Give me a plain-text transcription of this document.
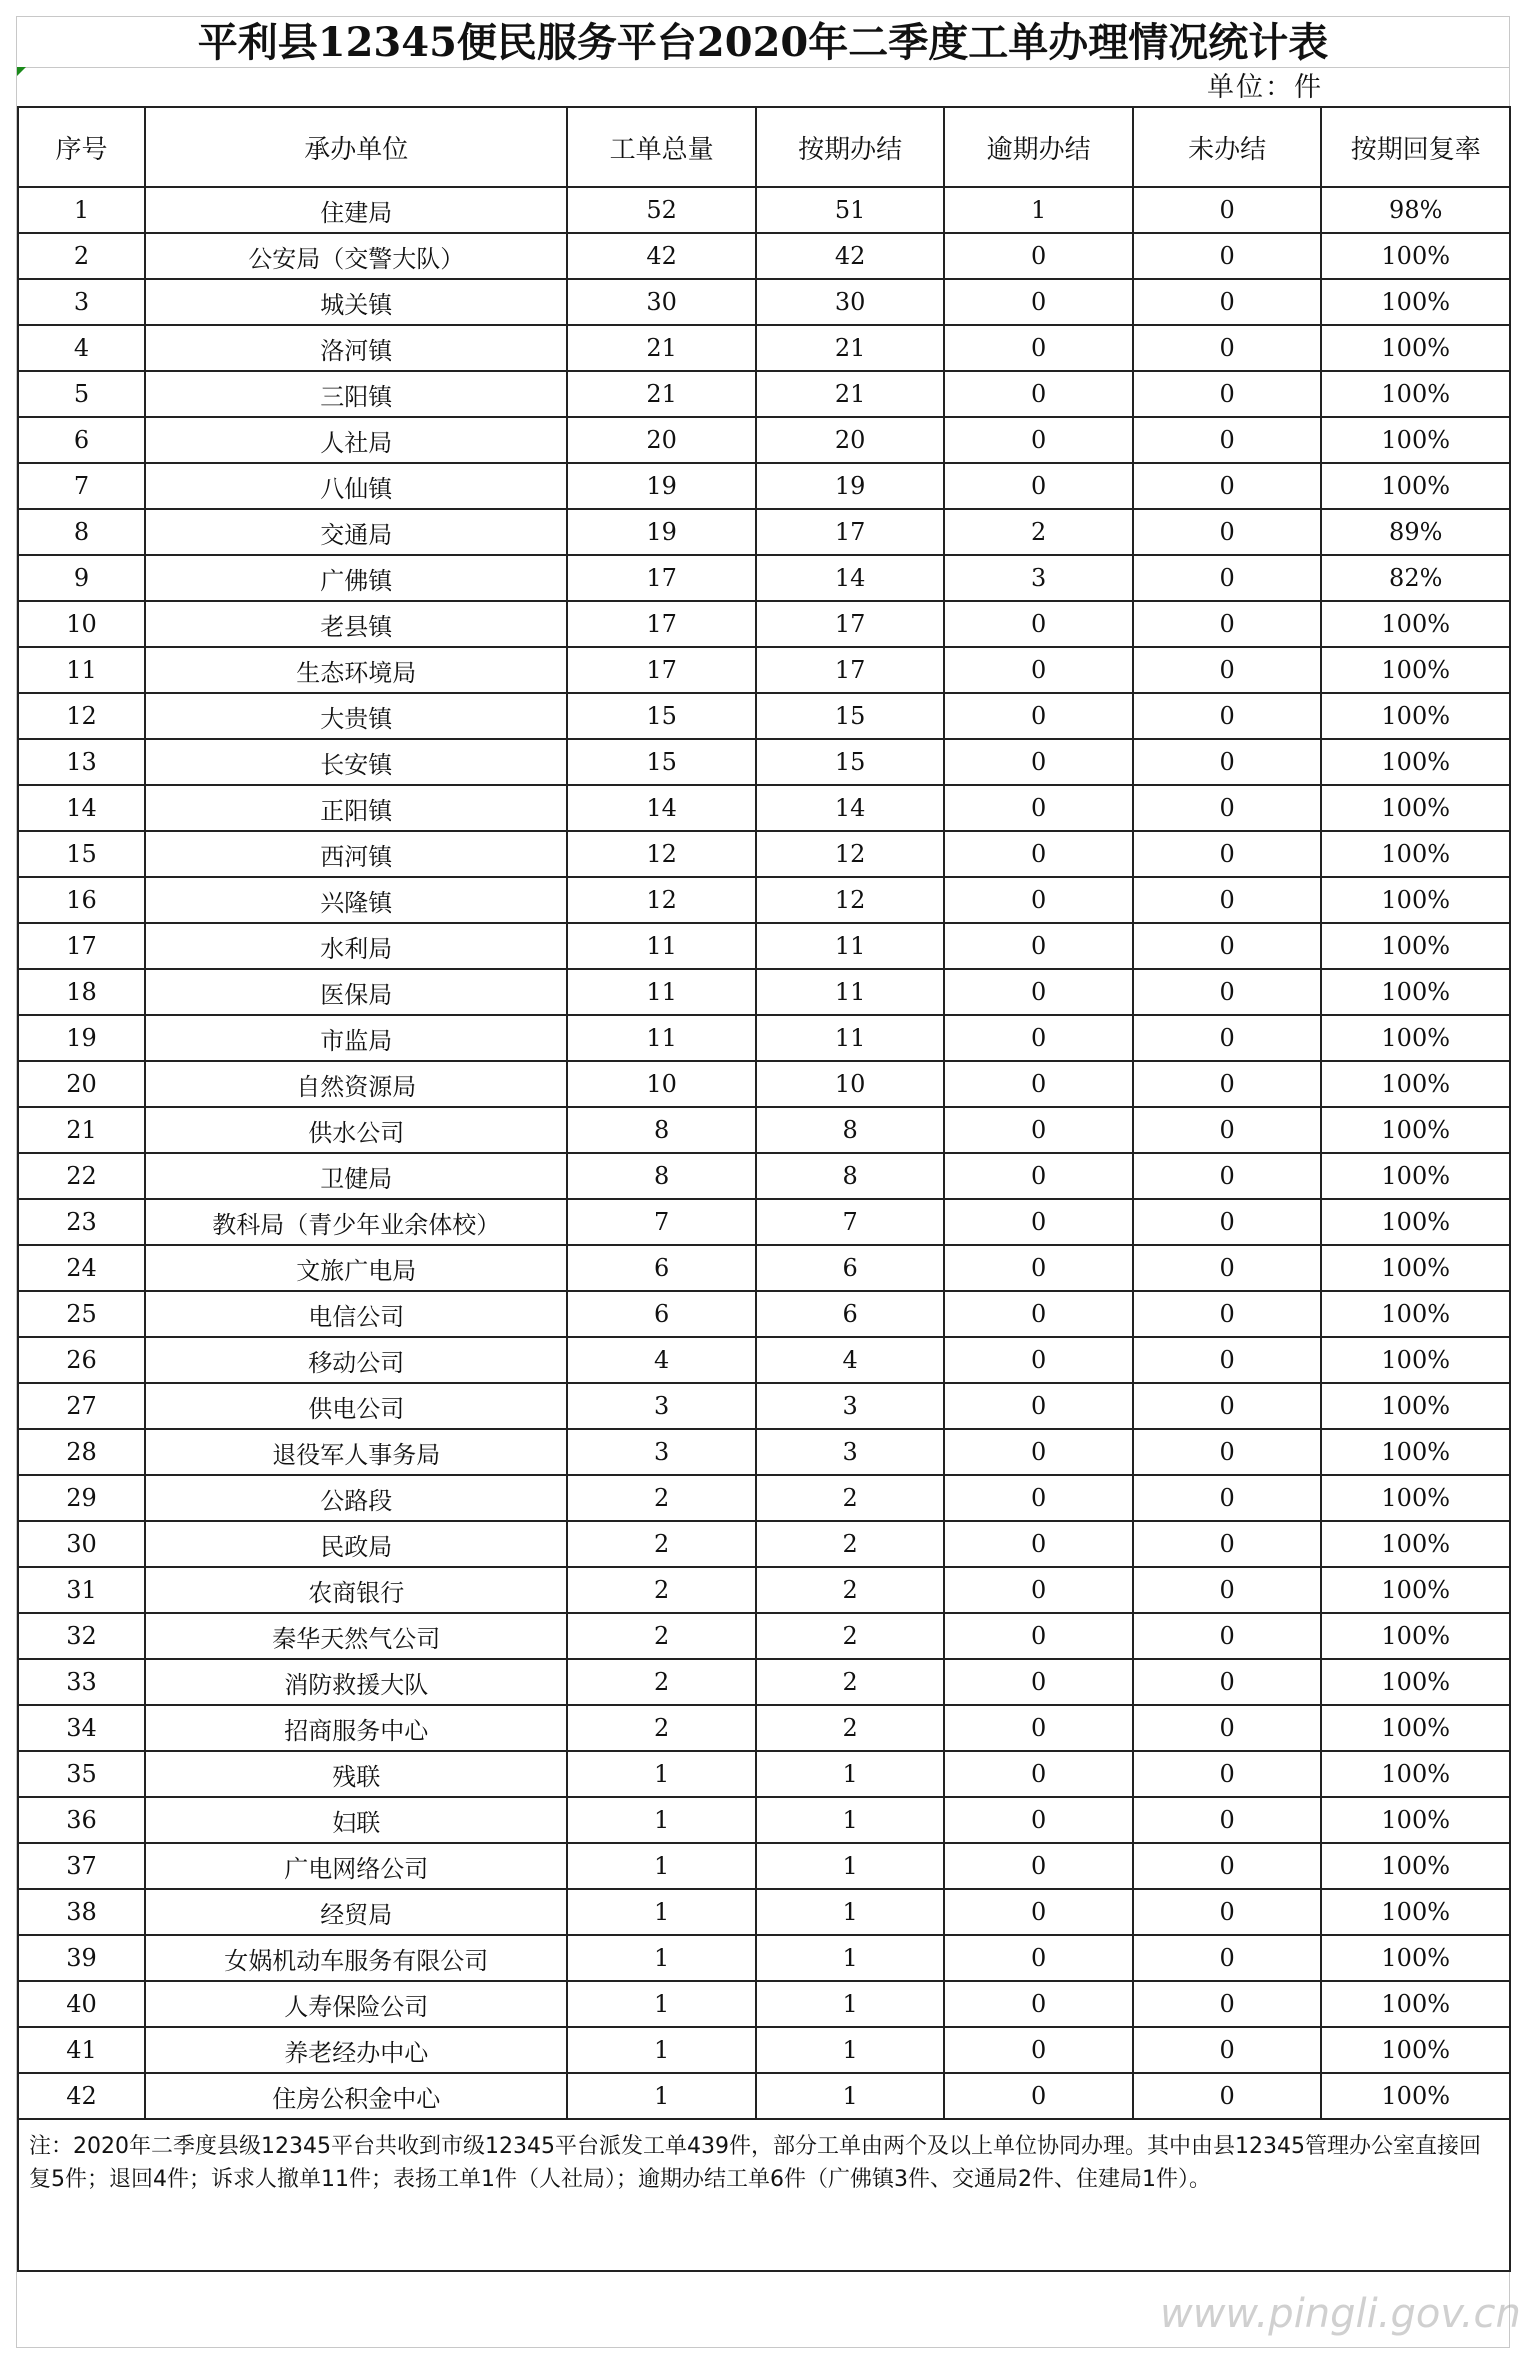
平利县12345便民服务平台2020年二季度工单办理情况统计表
单位：件
序号	承办单位	工单总量	按期办结	逾期办结	未办结	按期回复率
1	住建局	52	51	1	0	98%
2	公安局（交警大队）	42	42	0	0	100%
3	城关镇	30	30	0	0	100%
4	洛河镇	21	21	0	0	100%
5	三阳镇	21	21	0	0	100%
6	人社局	20	20	0	0	100%
7	八仙镇	19	19	0	0	100%
8	交通局	19	17	2	0	89%
9	广佛镇	17	14	3	0	82%
10	老县镇	17	17	0	0	100%
11	生态环境局	17	17	0	0	100%
12	大贵镇	15	15	0	0	100%
13	长安镇	15	15	0	0	100%
14	正阳镇	14	14	0	0	100%
15	西河镇	12	12	0	0	100%
16	兴隆镇	12	12	0	0	100%
17	水利局	11	11	0	0	100%
18	医保局	11	11	0	0	100%
19	市监局	11	11	0	0	100%
20	自然资源局	10	10	0	0	100%
21	供水公司	8	8	0	0	100%
22	卫健局	8	8	0	0	100%
23	教科局（青少年业余体校）	7	7	0	0	100%
24	文旅广电局	6	6	0	0	100%
25	电信公司	6	6	0	0	100%
26	移动公司	4	4	0	0	100%
27	供电公司	3	3	0	0	100%
28	退役军人事务局	3	3	0	0	100%
29	公路段	2	2	0	0	100%
30	民政局	2	2	0	0	100%
31	农商银行	2	2	0	0	100%
32	秦华天然气公司	2	2	0	0	100%
33	消防救援大队	2	2	0	0	100%
34	招商服务中心	2	2	0	0	100%
35	残联	1	1	0	0	100%
36	妇联	1	1	0	0	100%
37	广电网络公司	1	1	0	0	100%
38	经贸局	1	1	0	0	100%
39	女娲机动车服务有限公司	1	1	0	0	100%
40	人寿保险公司	1	1	0	0	100%
41	养老经办中心	1	1	0	0	100%
42	住房公积金中心	1	1	0	0	100%
注：2020年二季度县级12345平台共收到市级12345平台派发工单439件，部分工单由两个及以上单位协同办理。其中由县12345管理办公室直接回复5件；退回4件；诉求人撤单11件；表扬工单1件（人社局）；逾期办结工单6件（广佛镇3件、交通局2件、住建局1件）。						
www.pingli.gov.cn
